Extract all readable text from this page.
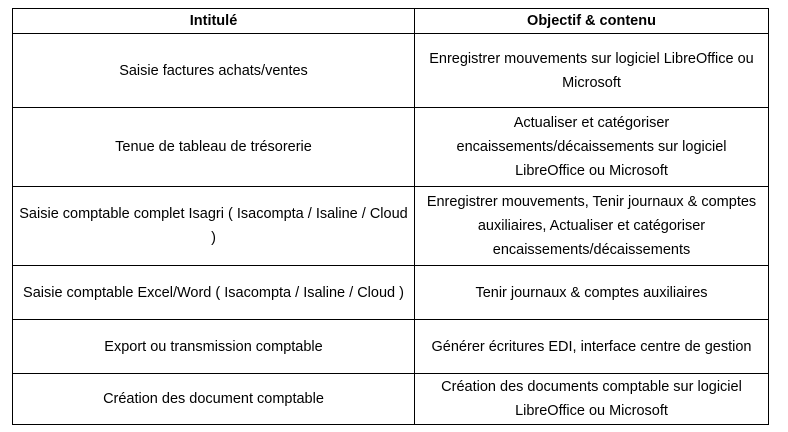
Intitulé	Objectif & contenu
Saisie factures achats/ventes	Enregistrer mouvements sur logiciel LibreOffice ou Microsoft
Tenue de tableau de trésorerie	Actualiser et catégoriser encaissements/décaissements sur logiciel LibreOffice ou Microsoft
Saisie comptable complet Isagri ( Isacompta / Isaline / Cloud )	Enregistrer mouvements, Tenir journaux & comptes auxiliaires, Actualiser et catégoriser encaissements/décaissements
Saisie comptable Excel/Word ( Isacompta / Isaline / Cloud )	Tenir journaux & comptes auxiliaires
Export ou transmission comptable	Générer écritures EDI, interface centre de gestion
Création des document comptable	Création des documents comptable sur logiciel LibreOffice ou Microsoft
